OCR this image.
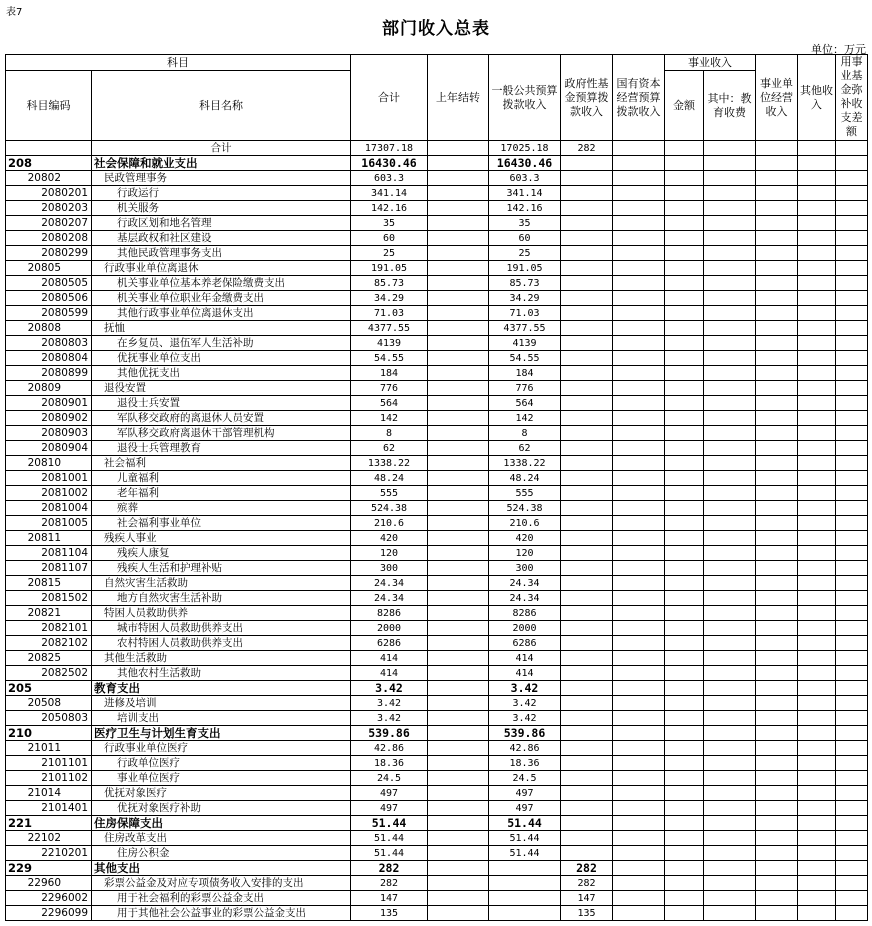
表7
部门收入总表
单位：万元
科目		合计	上年结转	一般公共预算拨款收入	政府性基金预算拨款收入	国有资本经营预算拨款收入	事业收入		事业单位经营收入	其他收入	用事业基金弥补收支差额
科目编码	科目名称						金额	其中：教育收费			

	合计	17307.18		17025.18	282						
208	社会保障和就业支出	16430.46		16430.46							
20802	民政管理事务	603.3		603.3							
2080201	行政运行	341.14		341.14							
2080203	机关服务	142.16		142.16							
2080207	行政区划和地名管理	35		35							
2080208	基层政权和社区建设	60		60							
2080299	其他民政管理事务支出	25		25							
20805	行政事业单位离退休	191.05		191.05							
2080505	机关事业单位基本养老保险缴费支出	85.73		85.73							
2080506	机关事业单位职业年金缴费支出	34.29		34.29							
2080599	其他行政事业单位离退休支出	71.03		71.03							
20808	抚恤	4377.55		4377.55							
2080803	在乡复员、退伍军人生活补助	4139		4139							
2080804	优抚事业单位支出	54.55		54.55							
2080899	其他优抚支出	184		184							
20809	退役安置	776		776							
2080901	退役士兵安置	564		564							
2080902	军队移交政府的离退休人员安置	142		142							
2080903	军队移交政府离退休干部管理机构	8		8							
2080904	退役士兵管理教育	62		62							
20810	社会福利	1338.22		1338.22							
2081001	儿童福利	48.24		48.24							
2081002	老年福利	555		555							
2081004	殡葬	524.38		524.38							
2081005	社会福利事业单位	210.6		210.6							
20811	残疾人事业	420		420							
2081104	残疾人康复	120		120							
2081107	残疾人生活和护理补贴	300		300							
20815	自然灾害生活救助	24.34		24.34							
2081502	地方自然灾害生活补助	24.34		24.34							
20821	特困人员救助供养	8286		8286							
2082101	城市特困人员救助供养支出	2000		2000							
2082102	农村特困人员救助供养支出	6286		6286							
20825	其他生活救助	414		414							
2082502	其他农村生活救助	414		414							
205	教育支出	3.42		3.42							
20508	进修及培训	3.42		3.42							
2050803	培训支出	3.42		3.42							
210	医疗卫生与计划生育支出	539.86		539.86							
21011	行政事业单位医疗	42.86		42.86							
2101101	行政单位医疗	18.36		18.36							
2101102	事业单位医疗	24.5		24.5							
21014	优抚对象医疗	497		497							
2101401	优抚对象医疗补助	497		497							
221	住房保障支出	51.44		51.44							
22102	住房改革支出	51.44		51.44							
2210201	住房公积金	51.44		51.44							
229	其他支出	282			282						
22960	彩票公益金及对应专项债务收入安排的支出	282			282						
2296002	用于社会福利的彩票公益金支出	147			147						
2296099	用于其他社会公益事业的彩票公益金支出	135			135						
